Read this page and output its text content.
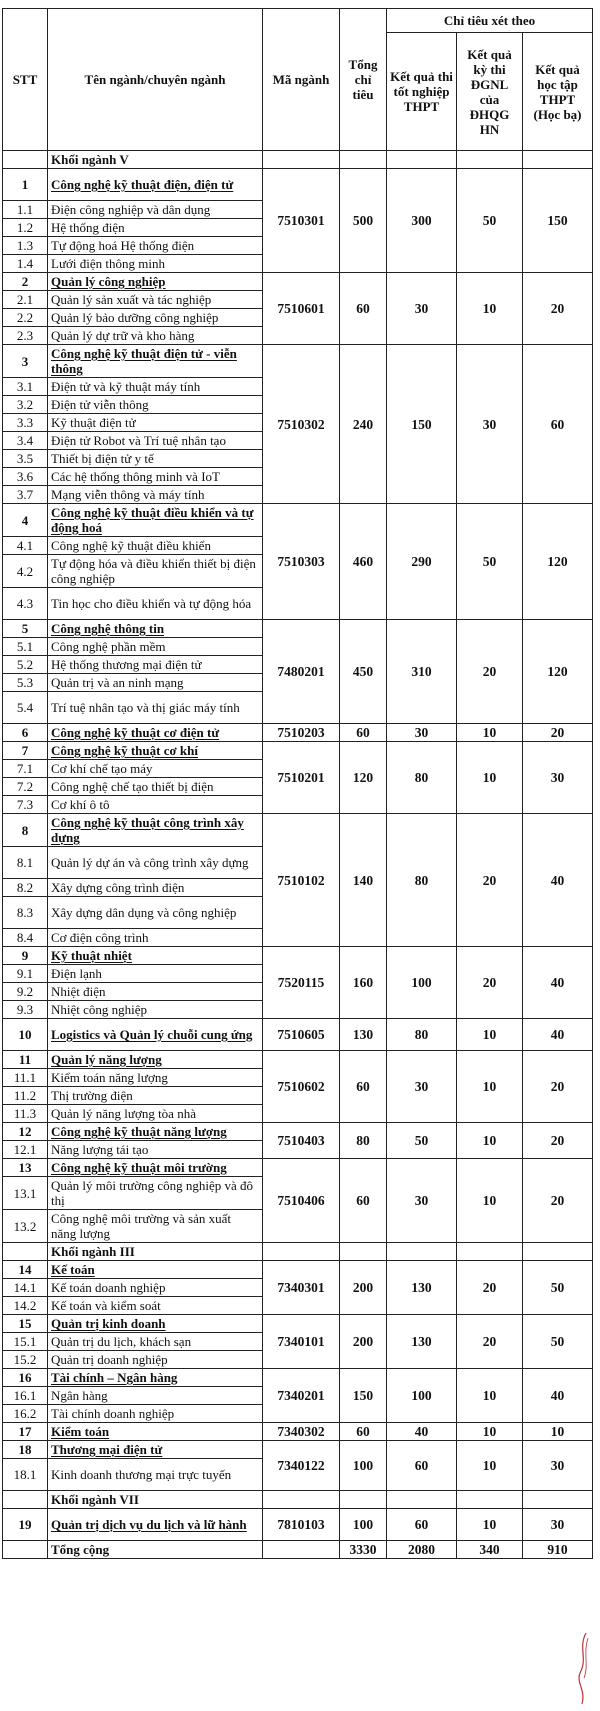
STT	Tên ngành/chuyên ngành	Mã ngành	Tổng chỉ tiêu	Chỉ tiêu xét theo		
				Kết quả thi tốt nghiệp THPT	Kết quả kỳ thi ĐGNL của ĐHQG HN	Kết quả học tập THPT (Học bạ)
	Khối ngành V					
1	Công nghệ kỹ thuật điện, điện tử	7510301	500	300	50	150
1.1	Điện công nghiệp và dân dụng					
1.2	Hệ thống điện					
1.3	Tự động hoá Hệ thống điện					
1.4	Lưới điện thông minh					
2	Quản lý công nghiệp	7510601	60	30	10	20
2.1	Quản lý sản xuất và tác nghiệp					
2.2	Quản lý bảo dưỡng công nghiệp					
2.3	Quản lý dự trữ và kho hàng					
3	Công nghệ kỹ thuật điện tử - viễn thông	7510302	240	150	30	60
3.1	Điện tử và kỹ thuật máy tính					
3.2	Điện tử viễn thông					
3.3	Kỹ thuật điện tử					
3.4	Điện tử Robot và Trí tuệ nhân tạo					
3.5	Thiết bị điện tử y tế					
3.6	Các hệ thống thông minh và IoT					
3.7	Mạng viễn thông và máy tính					
4	Công nghệ kỹ thuật điều khiển và tự động hoá	7510303	460	290	50	120
4.1	Công nghệ kỹ thuật điều khiển					
4.2	Tự động hóa và điều khiển thiết bị điện công nghiệp					
4.3	Tin học cho điều khiển và tự động hóa					
5	Công nghệ thông tin	7480201	450	310	20	120
5.1	Công nghệ phần mềm					
5.2	Hệ thống thương mại điện tử					
5.3	Quản trị và an ninh mạng					
5.4	Trí tuệ nhân tạo và thị giác máy tính					
6	Công nghệ kỹ thuật cơ điện tử	7510203	60	30	10	20
7	Công nghệ kỹ thuật cơ khí	7510201	120	80	10	30
7.1	Cơ khí chế tạo máy					
7.2	Công nghệ chế tạo thiết bị điện					
7.3	Cơ khí ô tô					
8	Công nghệ kỹ thuật công trình xây dựng	7510102	140	80	20	40
8.1	Quản lý dự án và công trình xây dựng					
8.2	Xây dựng công trình điện					
8.3	Xây dựng dân dụng và công nghiệp					
8.4	Cơ điện công trình					
9	Kỹ thuật nhiệt	7520115	160	100	20	40
9.1	Điện lạnh					
9.2	Nhiệt điện					
9.3	Nhiệt công nghiệp					
10	Logistics và Quản lý chuỗi cung ứng	7510605	130	80	10	40
11	Quản lý năng lượng	7510602	60	30	10	20
11.1	Kiểm toán năng lượng					
11.2	Thị trường điện					
11.3	Quản lý năng lượng tòa nhà					
12	Công nghệ kỹ thuật năng lượng	7510403	80	50	10	20
12.1	Năng lượng tái tạo					
13	Công nghệ kỹ thuật môi trường	7510406	60	30	10	20
13.1	Quản lý môi trường công nghiệp và đô thị					
13.2	Công nghệ môi trường và sản xuất năng lượng					
	Khối ngành III					
14	Kế toán	7340301	200	130	20	50
14.1	Kế toán doanh nghiệp					
14.2	Kế toán và kiểm soát					
15	Quản trị kinh doanh	7340101	200	130	20	50
15.1	Quản trị du lịch, khách sạn					
15.2	Quản trị doanh nghiệp					
16	Tài chính – Ngân hàng	7340201	150	100	10	40
16.1	Ngân hàng					
16.2	Tài chính doanh nghiệp					
17	Kiểm toán	7340302	60	40	10	10
18	Thương mại điện tử	7340122	100	60	10	30
18.1	Kinh doanh thương mại trực tuyến					
	Khối ngành VII					
19	Quản trị dịch vụ du lịch và lữ hành	7810103	100	60	10	30
	Tổng cộng		3330	2080	340	910
